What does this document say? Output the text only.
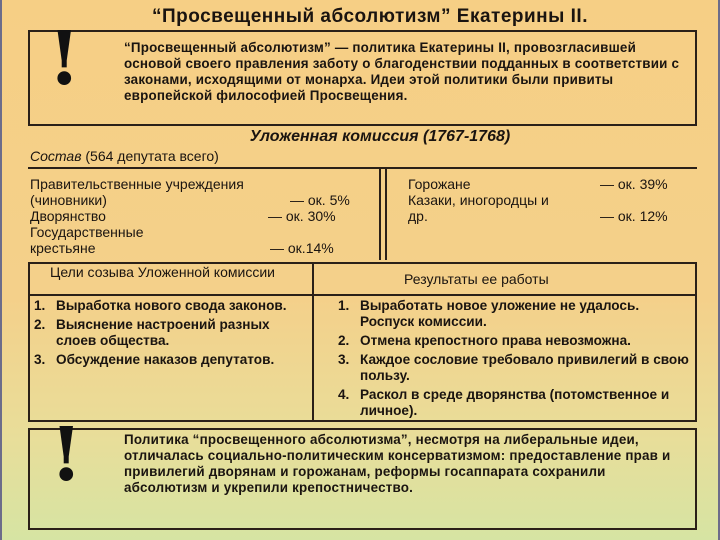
“Просвещенный абсолютизм” Екатерины II.
!	“Просвещенный абсолютизм” — политика Екатерины II, провозгласившей основой своего правления заботу о благоденствии подданных в соответствии с законами, исходящими от монарха. Идеи этой политики были привиты европейской философией Просвещения.

Уложенная комиссия (1767-1768)
Состав (564 депутата всего)
Правительственные учреждения (чиновники)	— ок. 5%
Дворянство	— ок. 30%
Государственные крестьяне	— ок.14%
Горожане	— ок. 39%
Казаки, иногородцы и др.	— ок. 12%
Цели созыва Уложенной комиссии	Результаты ее работы
1. Выработка нового свода законов.
2. Выяснение настроений разных слоев общества.
3. Обсуждение наказов депутатов.
1. Выработать новое уложение не удалось. Роспуск комиссии.
2. Отмена крепостного права невозможна.
3. Каждое сословие требовало привилегий в свою пользу.
4. Раскол в среде дворянства (потомственное и личное).
!	Политика “просвещенного абсолютизма”, несмотря на либеральные идеи, отличалась социально-политическим консерватизмом: предоставление прав и привилегий дворянам и горожанам, реформы госаппарата сохранили абсолютизм и укрепили крепостничество.
